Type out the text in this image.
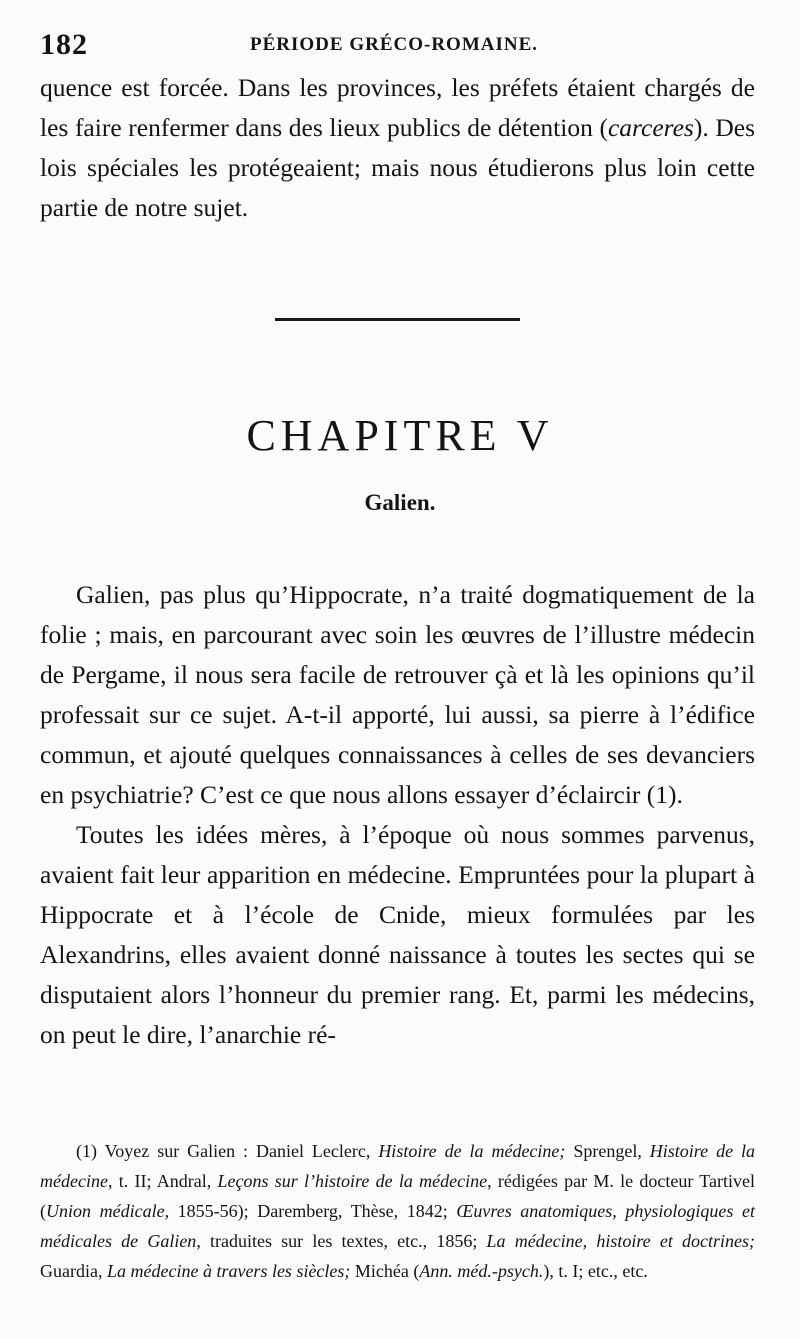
182	PÉRIODE GRÉCO-ROMAINE.

quence est forcée. Dans les provinces, les préfets étaient chargés de les faire renfermer dans des lieux publics de détention (carceres). Des lois spéciales les protégeaient; mais nous étudierons plus loin cette partie de notre sujet.

CHAPITRE V
Galien.

Galien, pas plus qu’Hippocrate, n’a traité dogmatiquement de la folie ; mais, en parcourant avec soin les œuvres de l’illustre médecin de Pergame, il nous sera facile de retrouver çà et là les opinions qu’il professait sur ce sujet. A-t-il apporté, lui aussi, sa pierre à l’édifice commun, et ajouté quelques connaissances à celles de ses devanciers en psychiatrie? C’est ce que nous allons essayer d’éclaircir (1).

Toutes les idées mères, à l’époque où nous sommes parvenus, avaient fait leur apparition en médecine. Empruntées pour la plupart à Hippocrate et à l’école de Cnide, mieux formulées par les Alexandrins, elles avaient donné naissance à toutes les sectes qui se disputaient alors l’honneur du premier rang. Et, parmi les médecins, on peut le dire, l’anarchie ré-

(1) Voyez sur Galien : Daniel Leclerc, Histoire de la médecine; Sprengel, Histoire de la médecine, t. II; Andral, Leçons sur l’histoire de la médecine, rédigées par M. le docteur Tartivel (Union médicale, 1855-56); Daremberg, Thèse, 1842; Œuvres anatomiques, physiologiques et médicales de Galien, traduites sur les textes, etc., 1856; La médecine, histoire et doctrines; Guardia, La médecine à travers les siècles; Michéa (Ann. méd.-psych.), t. I; etc., etc.
